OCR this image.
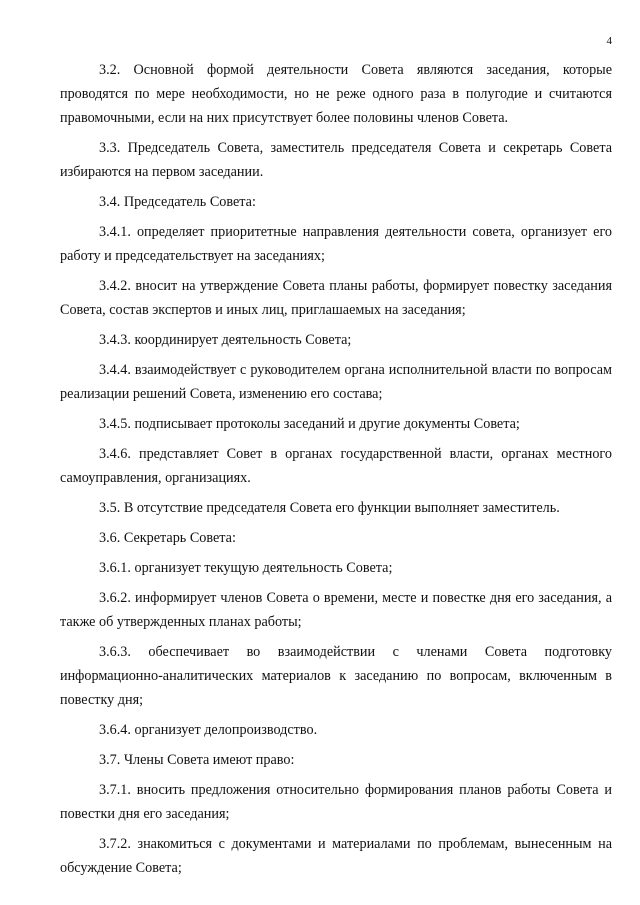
4

3.2. Основной формой деятельности Совета являются заседания, которые проводятся по мере необходимости, но не реже одного раза в полугодие и считаются правомочными, если на них присутствует более половины членов Совета.

3.3. Председатель Совета, заместитель председателя Совета и секретарь Совета избираются на первом заседании.

3.4. Председатель Совета:

3.4.1. определяет приоритетные направления деятельности совета, организует его работу и председательствует на заседаниях;

3.4.2. вносит на утверждение Совета планы работы, формирует повестку заседания Совета, состав экспертов и иных лиц, приглашаемых на заседания;

3.4.3. координирует деятельность Совета;

3.4.4. взаимодействует с руководителем органа исполнительной власти по вопросам реализации решений Совета, изменению его состава;

3.4.5. подписывает протоколы заседаний и другие документы Совета;

3.4.6. представляет Совет в органах государственной власти, органах местного самоуправления, организациях.

3.5. В отсутствие председателя Совета его функции выполняет заместитель.

3.6. Секретарь Совета:

3.6.1. организует текущую деятельность Совета;

3.6.2. информирует членов Совета о времени, месте и повестке дня его заседания, а также об утвержденных планах работы;

3.6.3. обеспечивает во взаимодействии с членами Совета подготовку информационно-аналитических материалов к заседанию по вопросам, включенным в повестку дня;

3.6.4. организует делопроизводство.

3.7. Члены Совета имеют право:

3.7.1. вносить предложения относительно формирования планов работы Совета и повестки дня его заседания;

3.7.2. знакомиться с документами и материалами по проблемам, вынесенным на обсуждение Совета;
